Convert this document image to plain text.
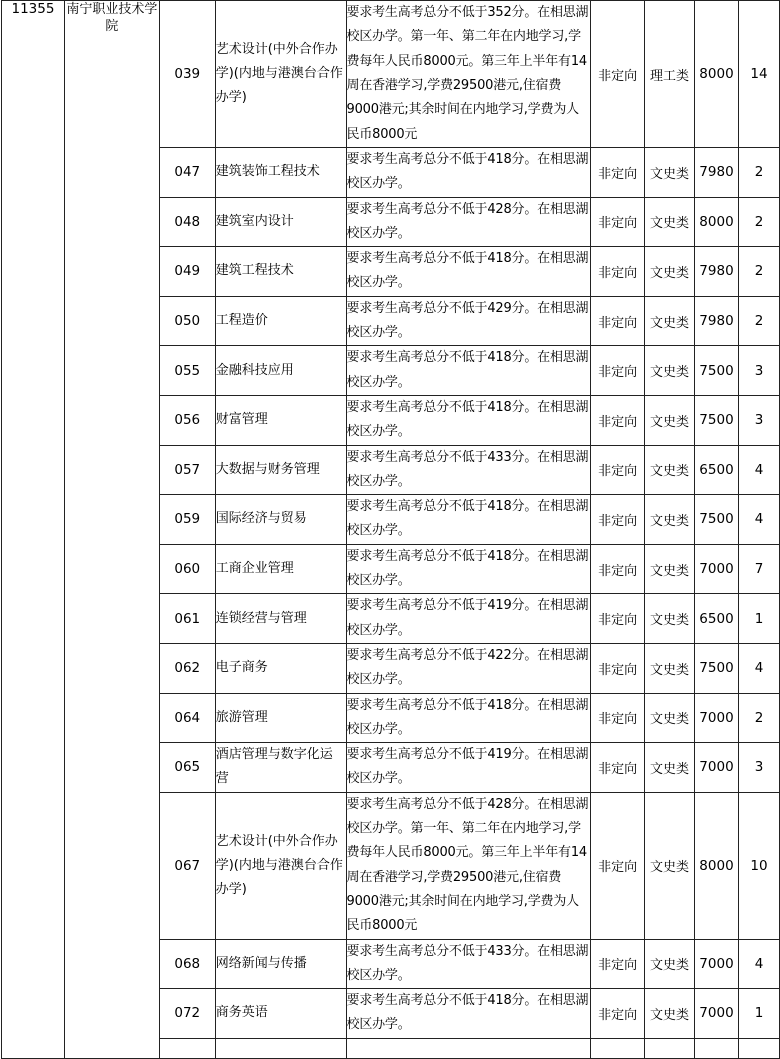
11355	南宁职业技术学院	039	艺术设计(中外合作办学)(内地与港澳台合作办学)	要求考生高考总分不低于352分。在相思湖校区办学。第一年、第二年在内地学习,学费每年人民币8000元。第三年上半年有14周在香港学习,学费29500港元,住宿费9000港元;其余时间在内地学习,学费为人民币8000元	非定向	理工类	8000	14
		047	建筑装饰工程技术	要求考生高考总分不低于418分。在相思湖校区办学。	非定向	文史类	7980	2
		048	建筑室内设计	要求考生高考总分不低于428分。在相思湖校区办学。	非定向	文史类	8000	2
		049	建筑工程技术	要求考生高考总分不低于418分。在相思湖校区办学。	非定向	文史类	7980	2
		050	工程造价	要求考生高考总分不低于429分。在相思湖校区办学。	非定向	文史类	7980	2
		055	金融科技应用	要求考生高考总分不低于418分。在相思湖校区办学。	非定向	文史类	7500	3
		056	财富管理	要求考生高考总分不低于418分。在相思湖校区办学。	非定向	文史类	7500	3
		057	大数据与财务管理	要求考生高考总分不低于433分。在相思湖校区办学。	非定向	文史类	6500	4
		059	国际经济与贸易	要求考生高考总分不低于418分。在相思湖校区办学。	非定向	文史类	7500	4
		060	工商企业管理	要求考生高考总分不低于418分。在相思湖校区办学。	非定向	文史类	7000	7
		061	连锁经营与管理	要求考生高考总分不低于419分。在相思湖校区办学。	非定向	文史类	6500	1
		062	电子商务	要求考生高考总分不低于422分。在相思湖校区办学。	非定向	文史类	7500	4
		064	旅游管理	要求考生高考总分不低于418分。在相思湖校区办学。	非定向	文史类	7000	2
		065	酒店管理与数字化运营	要求考生高考总分不低于419分。在相思湖校区办学。	非定向	文史类	7000	3
		067	艺术设计(中外合作办学)(内地与港澳台合作办学)	要求考生高考总分不低于428分。在相思湖校区办学。第一年、第二年在内地学习,学费每年人民币8000元。第三年上半年有14周在香港学习,学费29500港元,住宿费9000港元;其余时间在内地学习,学费为人民币8000元	非定向	文史类	8000	10
		068	网络新闻与传播	要求考生高考总分不低于433分。在相思湖校区办学。	非定向	文史类	7000	4
		072	商务英语	要求考生高考总分不低于418分。在相思湖校区办学。	非定向	文史类	7000	1
